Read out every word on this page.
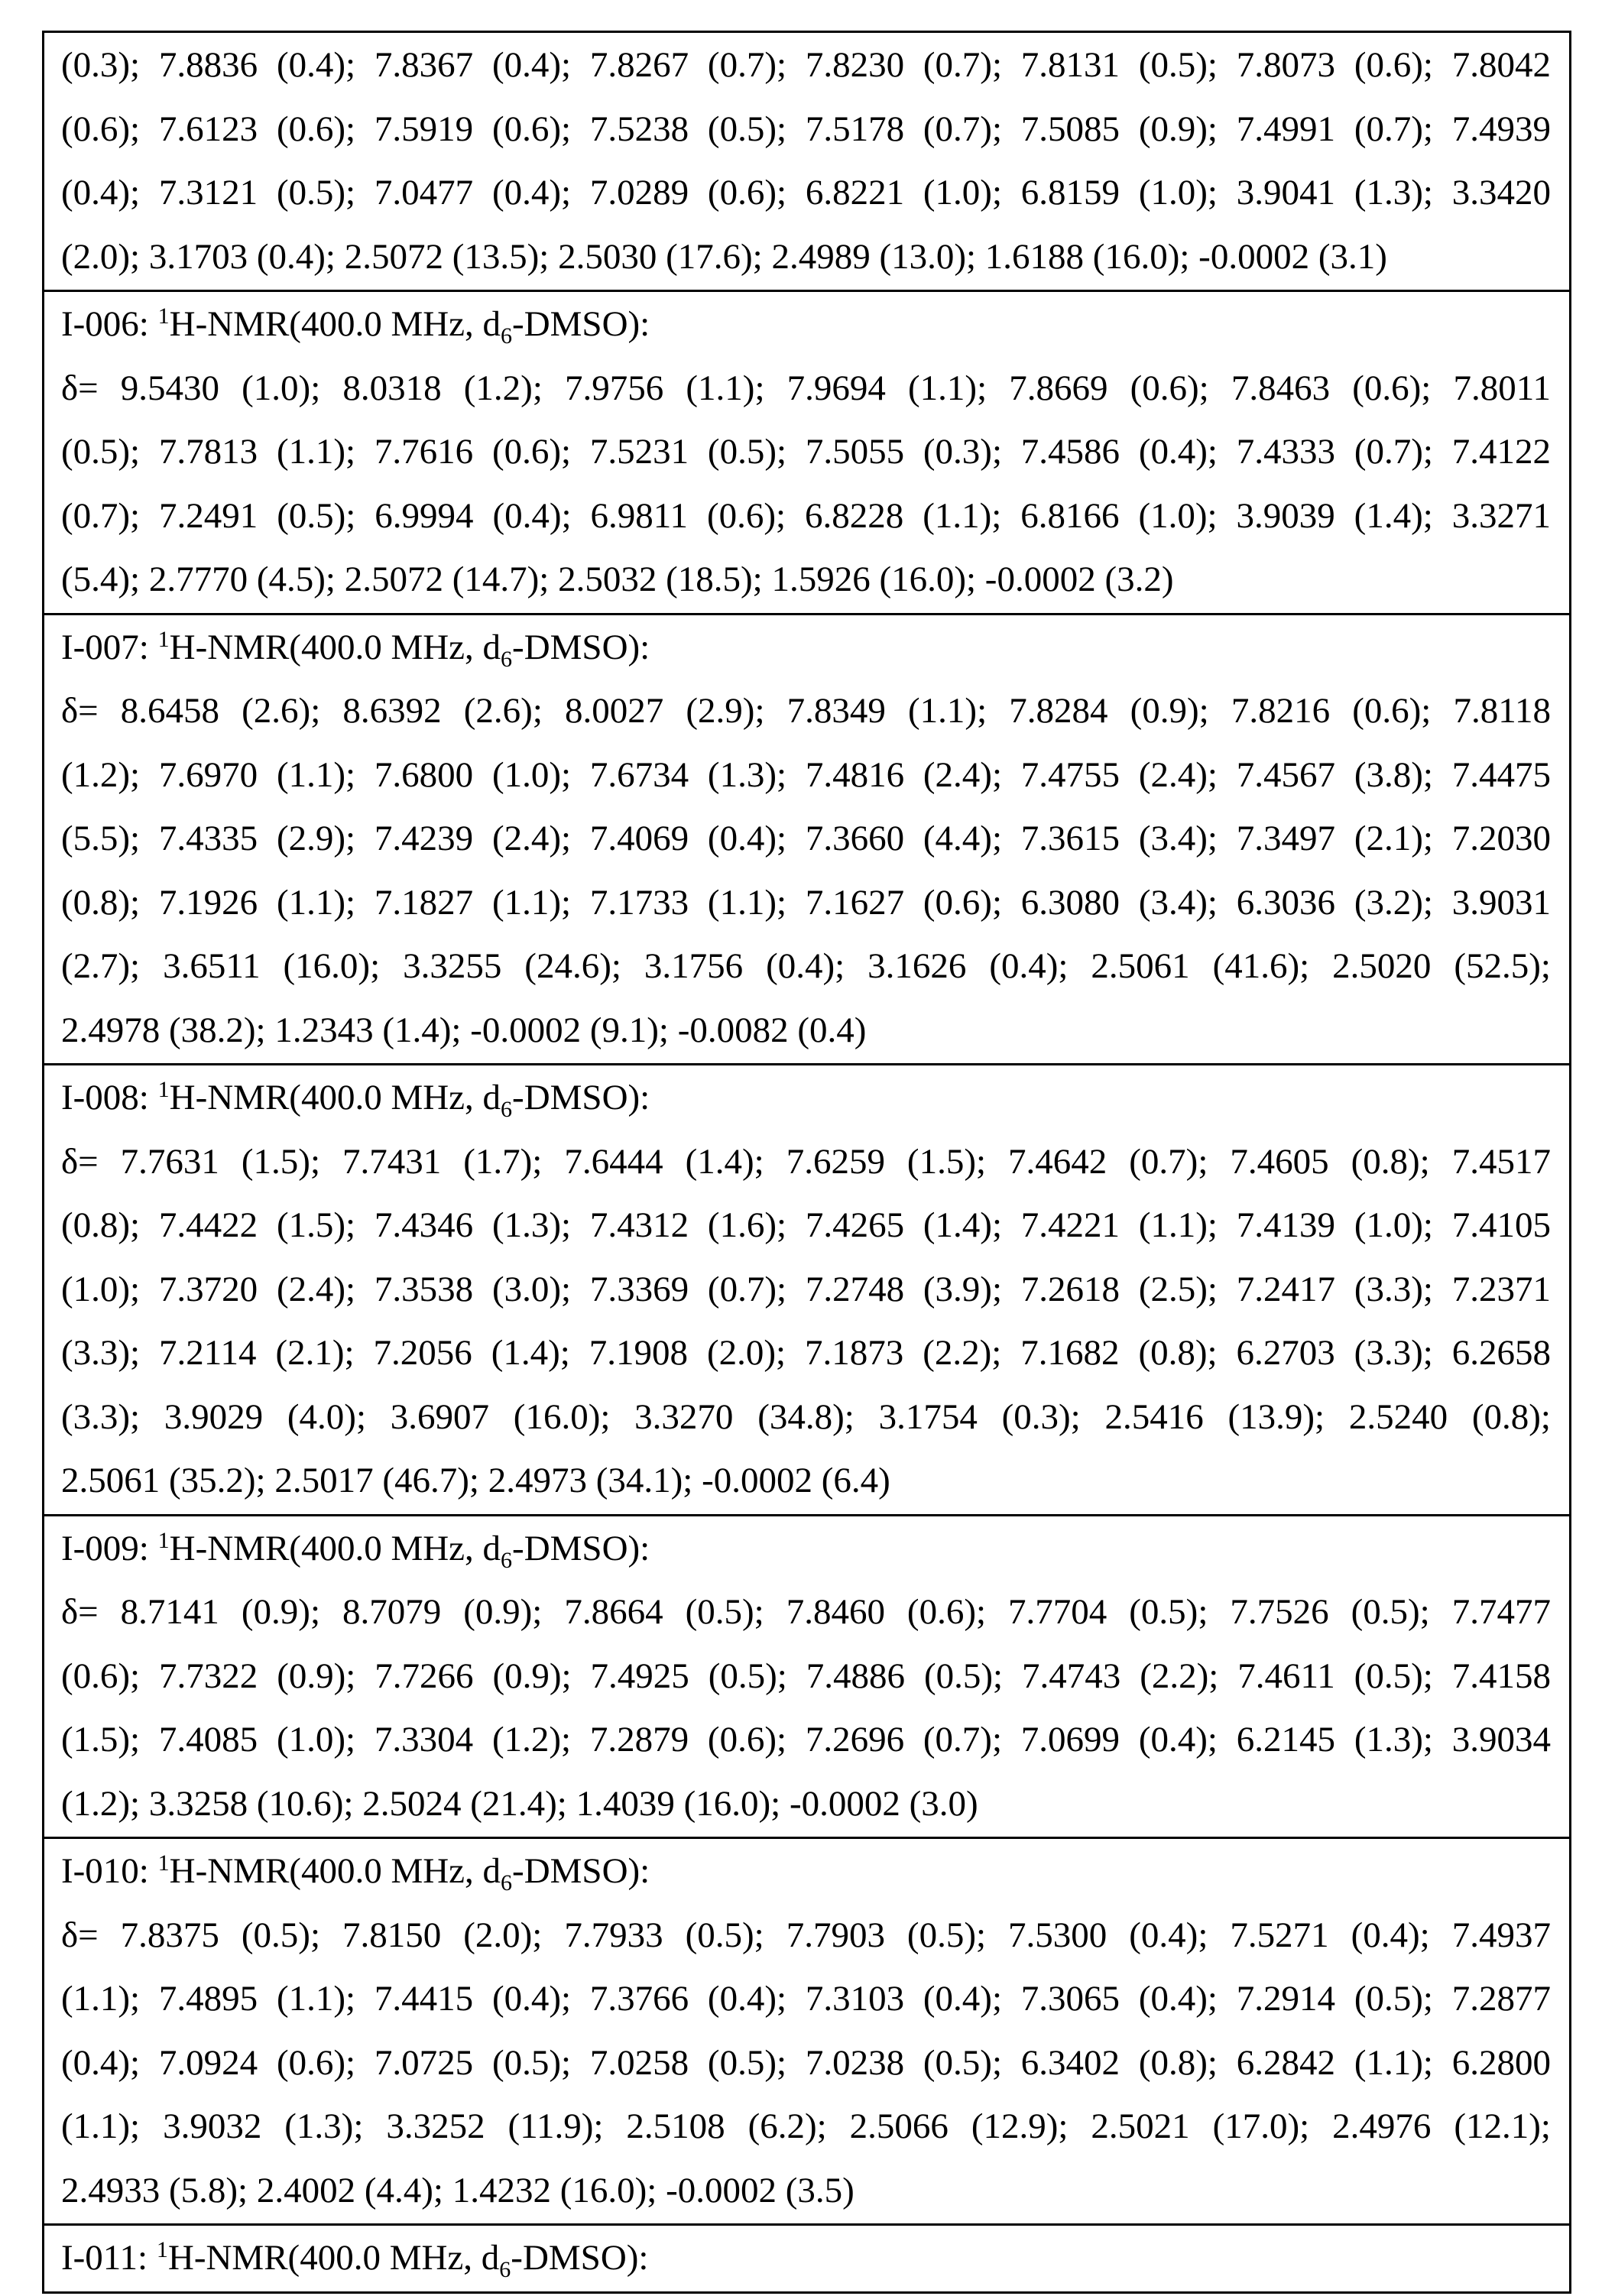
(0.3); 7.8836 (0.4); 7.8367 (0.4); 7.8267 (0.7); 7.8230 (0.7); 7.8131 (0.5); 7.8073 (0.6); 7.8042
(0.6); 7.6123 (0.6); 7.5919 (0.6); 7.5238 (0.5); 7.5178 (0.7); 7.5085 (0.9); 7.4991 (0.7); 7.4939
(0.4); 7.3121 (0.5); 7.0477 (0.4); 7.0289 (0.6); 6.8221 (1.0); 6.8159 (1.0); 3.9041 (1.3); 3.3420
(2.0); 3.1703 (0.4); 2.5072 (13.5); 2.5030 (17.6); 2.4989 (13.0); 1.6188 (16.0); -0.0002 (3.1)
I-006: 1H-NMR(400.0 MHz, d6-DMSO):
δ= 9.5430 (1.0); 8.0318 (1.2); 7.9756 (1.1); 7.9694 (1.1); 7.8669 (0.6); 7.8463 (0.6); 7.8011
(0.5); 7.7813 (1.1); 7.7616 (0.6); 7.5231 (0.5); 7.5055 (0.3); 7.4586 (0.4); 7.4333 (0.7); 7.4122
(0.7); 7.2491 (0.5); 6.9994 (0.4); 6.9811 (0.6); 6.8228 (1.1); 6.8166 (1.0); 3.9039 (1.4); 3.3271
(5.4); 2.7770 (4.5); 2.5072 (14.7); 2.5032 (18.5); 1.5926 (16.0); -0.0002 (3.2)
I-007: 1H-NMR(400.0 MHz, d6-DMSO):
δ= 8.6458 (2.6); 8.6392 (2.6); 8.0027 (2.9); 7.8349 (1.1); 7.8284 (0.9); 7.8216 (0.6); 7.8118
(1.2); 7.6970 (1.1); 7.6800 (1.0); 7.6734 (1.3); 7.4816 (2.4); 7.4755 (2.4); 7.4567 (3.8); 7.4475
(5.5); 7.4335 (2.9); 7.4239 (2.4); 7.4069 (0.4); 7.3660 (4.4); 7.3615 (3.4); 7.3497 (2.1); 7.2030
(0.8); 7.1926 (1.1); 7.1827 (1.1); 7.1733 (1.1); 7.1627 (0.6); 6.3080 (3.4); 6.3036 (3.2); 3.9031
(2.7); 3.6511 (16.0); 3.3255 (24.6); 3.1756 (0.4); 3.1626 (0.4); 2.5061 (41.6); 2.5020 (52.5);
2.4978 (38.2); 1.2343 (1.4); -0.0002 (9.1); -0.0082 (0.4)
I-008: 1H-NMR(400.0 MHz, d6-DMSO):
δ= 7.7631 (1.5); 7.7431 (1.7); 7.6444 (1.4); 7.6259 (1.5); 7.4642 (0.7); 7.4605 (0.8); 7.4517
(0.8); 7.4422 (1.5); 7.4346 (1.3); 7.4312 (1.6); 7.4265 (1.4); 7.4221 (1.1); 7.4139 (1.0); 7.4105
(1.0); 7.3720 (2.4); 7.3538 (3.0); 7.3369 (0.7); 7.2748 (3.9); 7.2618 (2.5); 7.2417 (3.3); 7.2371
(3.3); 7.2114 (2.1); 7.2056 (1.4); 7.1908 (2.0); 7.1873 (2.2); 7.1682 (0.8); 6.2703 (3.3); 6.2658
(3.3); 3.9029 (4.0); 3.6907 (16.0); 3.3270 (34.8); 3.1754 (0.3); 2.5416 (13.9); 2.5240 (0.8);
2.5061 (35.2); 2.5017 (46.7); 2.4973 (34.1); -0.0002 (6.4)
I-009: 1H-NMR(400.0 MHz, d6-DMSO):
δ= 8.7141 (0.9); 8.7079 (0.9); 7.8664 (0.5); 7.8460 (0.6); 7.7704 (0.5); 7.7526 (0.5); 7.7477
(0.6); 7.7322 (0.9); 7.7266 (0.9); 7.4925 (0.5); 7.4886 (0.5); 7.4743 (2.2); 7.4611 (0.5); 7.4158
(1.5); 7.4085 (1.0); 7.3304 (1.2); 7.2879 (0.6); 7.2696 (0.7); 7.0699 (0.4); 6.2145 (1.3); 3.9034
(1.2); 3.3258 (10.6); 2.5024 (21.4); 1.4039 (16.0); -0.0002 (3.0)
I-010: 1H-NMR(400.0 MHz, d6-DMSO):
δ= 7.8375 (0.5); 7.8150 (2.0); 7.7933 (0.5); 7.7903 (0.5); 7.5300 (0.4); 7.5271 (0.4); 7.4937
(1.1); 7.4895 (1.1); 7.4415 (0.4); 7.3766 (0.4); 7.3103 (0.4); 7.3065 (0.4); 7.2914 (0.5); 7.2877
(0.4); 7.0924 (0.6); 7.0725 (0.5); 7.0258 (0.5); 7.0238 (0.5); 6.3402 (0.8); 6.2842 (1.1); 6.2800
(1.1); 3.9032 (1.3); 3.3252 (11.9); 2.5108 (6.2); 2.5066 (12.9); 2.5021 (17.0); 2.4976 (12.1);
2.4933 (5.8); 2.4002 (4.4); 1.4232 (16.0); -0.0002 (3.5)
I-011: 1H-NMR(400.0 MHz, d6-DMSO):
